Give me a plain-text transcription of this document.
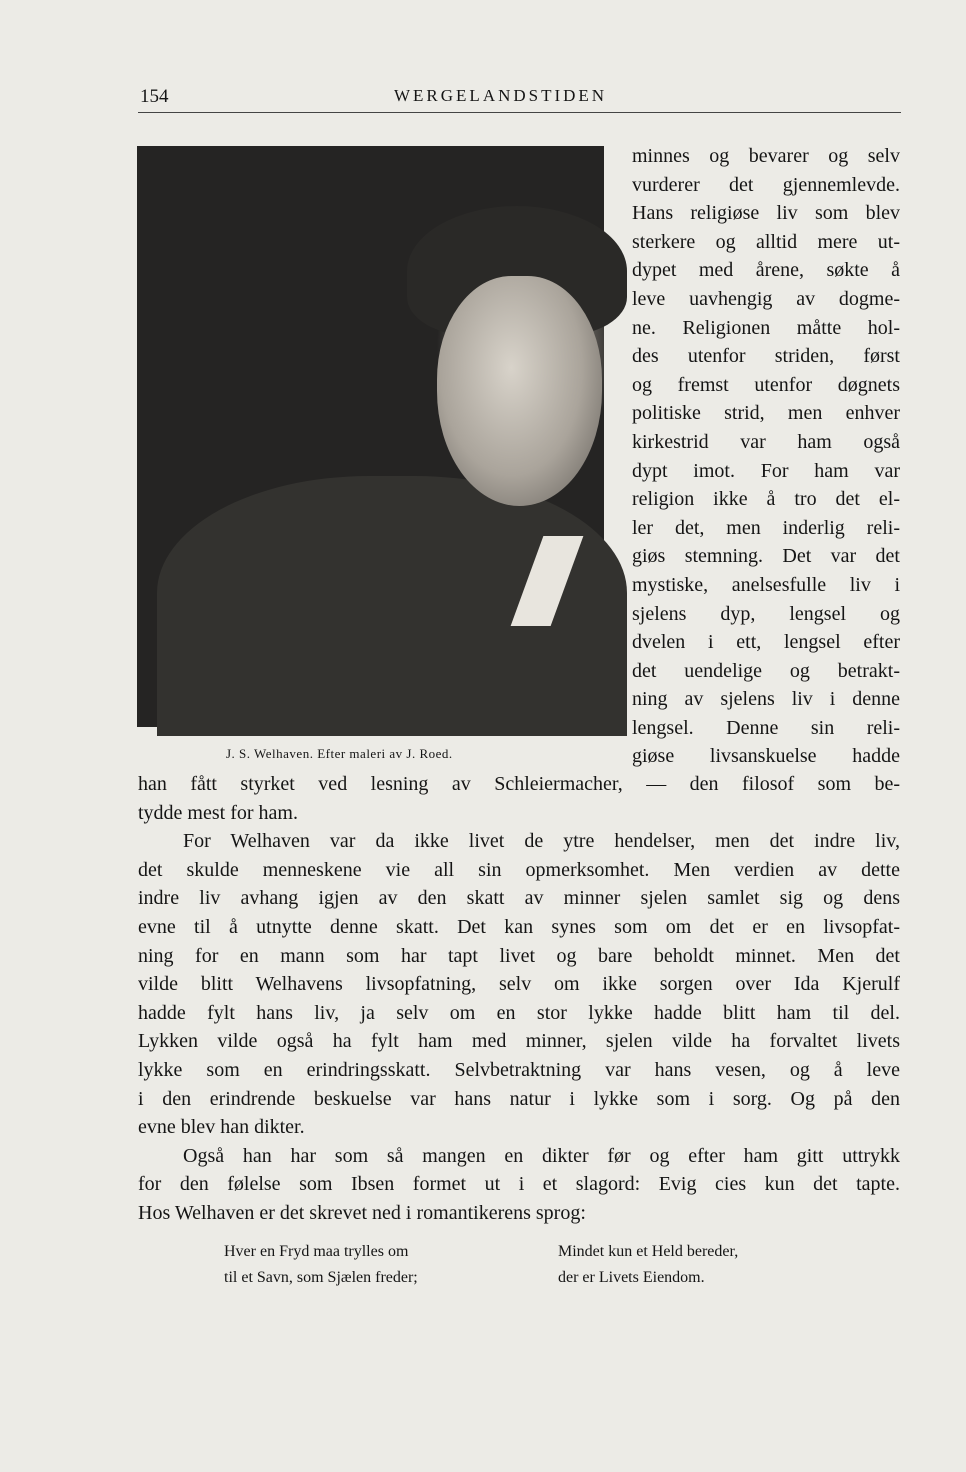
154	WERGELANDSTIDEN
J. S. Welhaven. Efter maleri av J. Roed.
minnes og bevarer og selv
vurderer det gjennemlevde.
Hans religiøse liv som blev
sterkere og alltid mere ut-
dypet med årene, søkte å
leve uavhengig av dogme-
ne. Religionen måtte hol-
des utenfor striden, først
og fremst utenfor døgnets
politiske strid, men enhver
kirkestrid var ham også
dypt imot. For ham var
religion ikke å tro det el-
ler det, men inderlig reli-
giøs stemning. Det var det
mystiske, anelsesfulle liv i
sjelens dyp, lengsel og
dvelen i ett, lengsel efter
det uendelige og betrakt-
ning av sjelens liv i denne
lengsel. Denne sin reli-
giøse livsanskuelse hadde
han fått styrket ved lesning av Schleiermacher, — den filosof som be-
tydde mest for ham.
For Welhaven var da ikke livet de ytre hendelser, men det indre liv,
det skulde menneskene vie all sin opmerksomhet. Men verdien av dette
indre liv avhang igjen av den skatt av minner sjelen samlet sig og dens
evne til å utnytte denne skatt. Det kan synes som om det er en livsopfat-
ning for en mann som har tapt livet og bare beholdt minnet. Men det
vilde blitt Welhavens livsopfatning, selv om ikke sorgen over Ida Kjerulf
hadde fylt hans liv, ja selv om en stor lykke hadde blitt ham til del.
Lykken vilde også ha fylt ham med minner, sjelen vilde ha forvaltet livets
lykke som en erindringsskatt. Selvbetraktning var hans vesen, og å leve
i den erindrende beskuelse var hans natur i lykke som i sorg. Og på den
evne blev han dikter.
Også han har som så mangen en dikter før og efter ham gitt uttrykk
for den følelse som Ibsen formet ut i et slagord: Evig cies kun det tapte.
Hos Welhaven er det skrevet ned i romantikerens sprog:
Hver en Fryd maa trylles om
til et Savn, som Sjælen freder;
Mindet kun et Held bereder,
der er Livets Eiendom.
